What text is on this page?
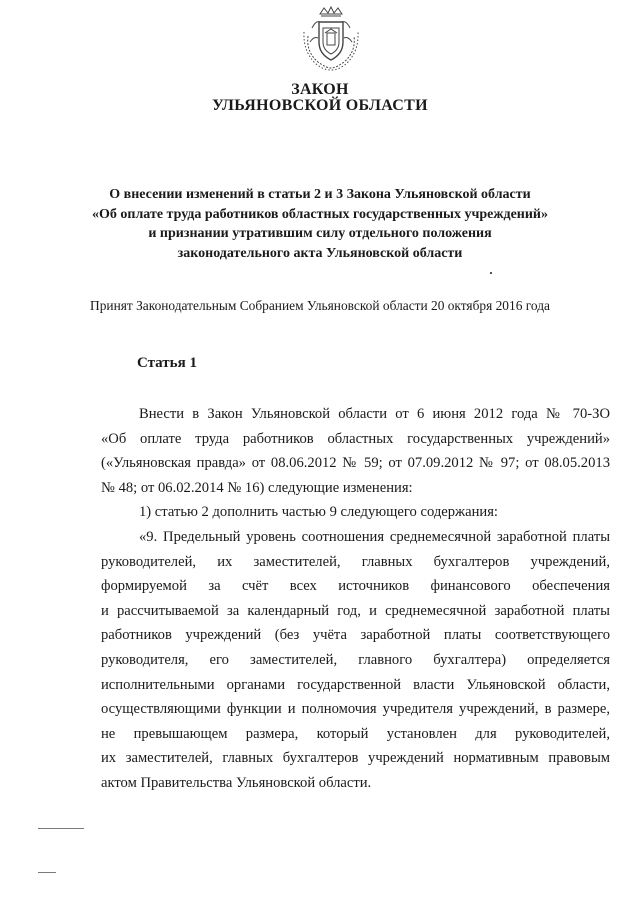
ЗАКОН
УЛЬЯНОВСКОЙ ОБЛАСТИ
О внесении изменений в статьи 2 и 3 Закона Ульяновской области
«Об оплате труда работников областных государственных учреждений»
и признании утратившим силу отдельного положения
законодательного акта Ульяновской области
Принят Законодательным Собранием Ульяновской области 20 октября 2016 года
Статья 1
Внести в Закон Ульяновской области от 6 июня 2012 года № 70-ЗО
«Об оплате труда работников областных государственных учреждений»
(«Ульяновская правда» от 08.06.2012 № 59; от 07.09.2012 № 97; от 08.05.2013
№ 48; от 06.02.2014 № 16) следующие изменения:
1) статью 2 дополнить частью 9 следующего содержания:
«9. Предельный уровень соотношения среднемесячной заработной платы
руководителей, их заместителей, главных бухгалтеров учреждений,
формируемой за счёт всех источников финансового обеспечения
и рассчитываемой за календарный год, и среднемесячной заработной платы
работников учреждений (без учёта заработной платы соответствующего
руководителя, его заместителей, главного бухгалтера) определяется
исполнительными органами государственной власти Ульяновской области,
осуществляющими функции и полномочия учредителя учреждений, в размере,
не превышающем размера, который установлен для руководителей,
их заместителей, главных бухгалтеров учреждений нормативным правовым
актом Правительства Ульяновской области.
